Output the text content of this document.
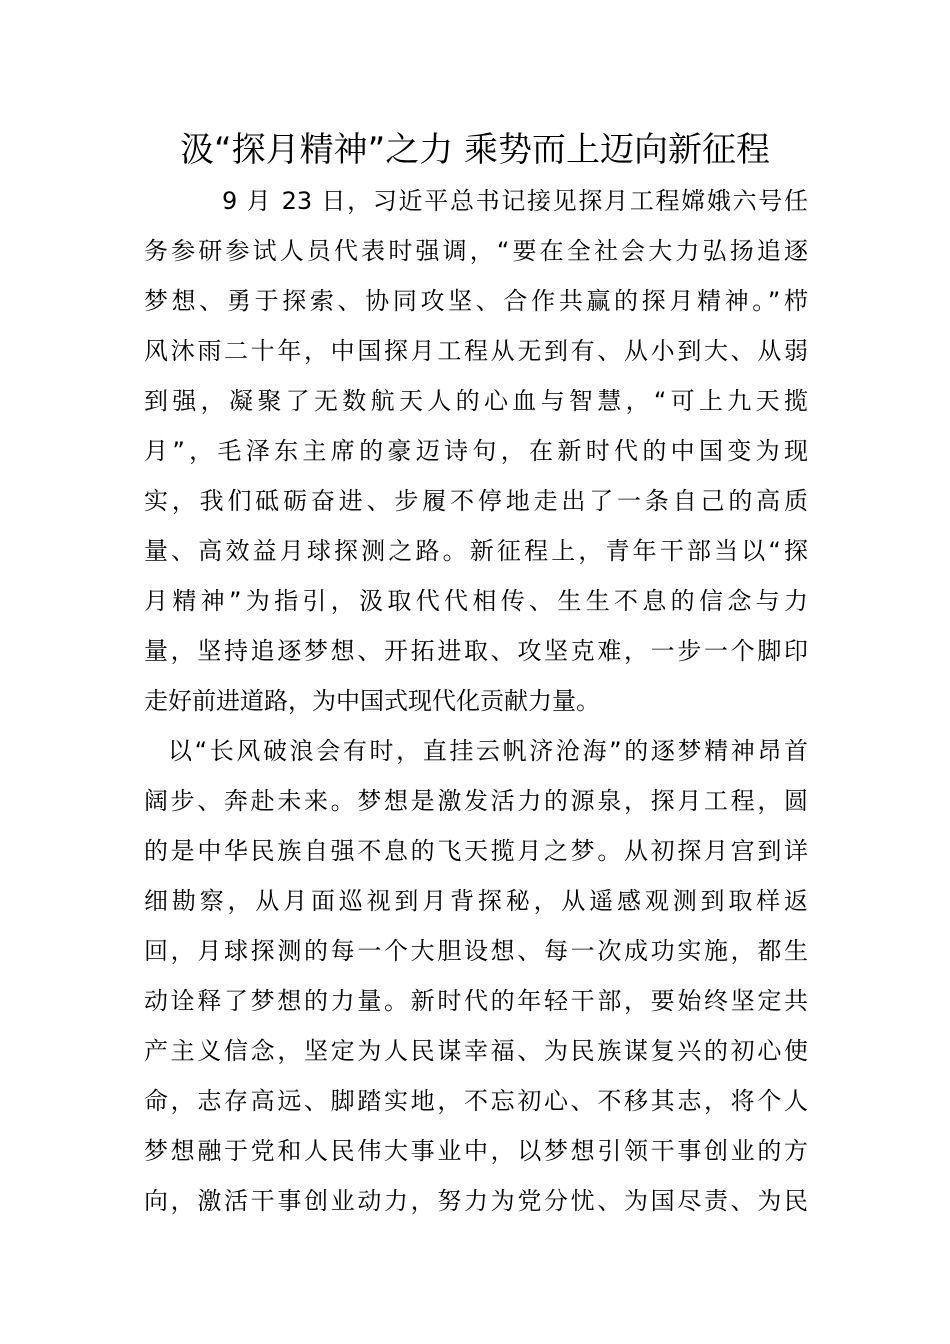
汲“探月精神”之力 乘势而上迈向新征程

9 月 23 日，习近平总书记接见探月工程嫦娥六号任

务参研参试人员代表时强调，“要在全社会大力弘扬追逐

梦想、勇于探索、协同攻坚、合作共赢的探月精神。”栉

风沐雨二十年，中国探月工程从无到有、从小到大、从弱

到强，凝聚了无数航天人的心血与智慧，“可上九天揽

月”，毛泽东主席的豪迈诗句，在新时代的中国变为现

实，我们砥砺奋进、步履不停地走出了一条自己的高质

量、高效益月球探测之路。新征程上，青年干部当以“探

月精神”为指引，汲取代代相传、生生不息的信念与力

量，坚持追逐梦想、开拓进取、攻坚克难，一步一个脚印

走好前进道路，为中国式现代化贡献力量。

以“长风破浪会有时，直挂云帆济沧海”的逐梦精神昂首

阔步、奔赴未来。梦想是激发活力的源泉，探月工程，圆

的是中华民族自强不息的飞天揽月之梦。从初探月宫到详

细勘察，从月面巡视到月背探秘，从遥感观测到取样返

回，月球探测的每一个大胆设想、每一次成功实施，都生

动诠释了梦想的力量。新时代的年轻干部，要始终坚定共

产主义信念，坚定为人民谋幸福、为民族谋复兴的初心使

命，志存高远、脚踏实地，不忘初心、不移其志，将个人

梦想融于党和人民伟大事业中，以梦想引领干事创业的方

向，激活干事创业动力，努力为党分忧、为国尽责、为民
